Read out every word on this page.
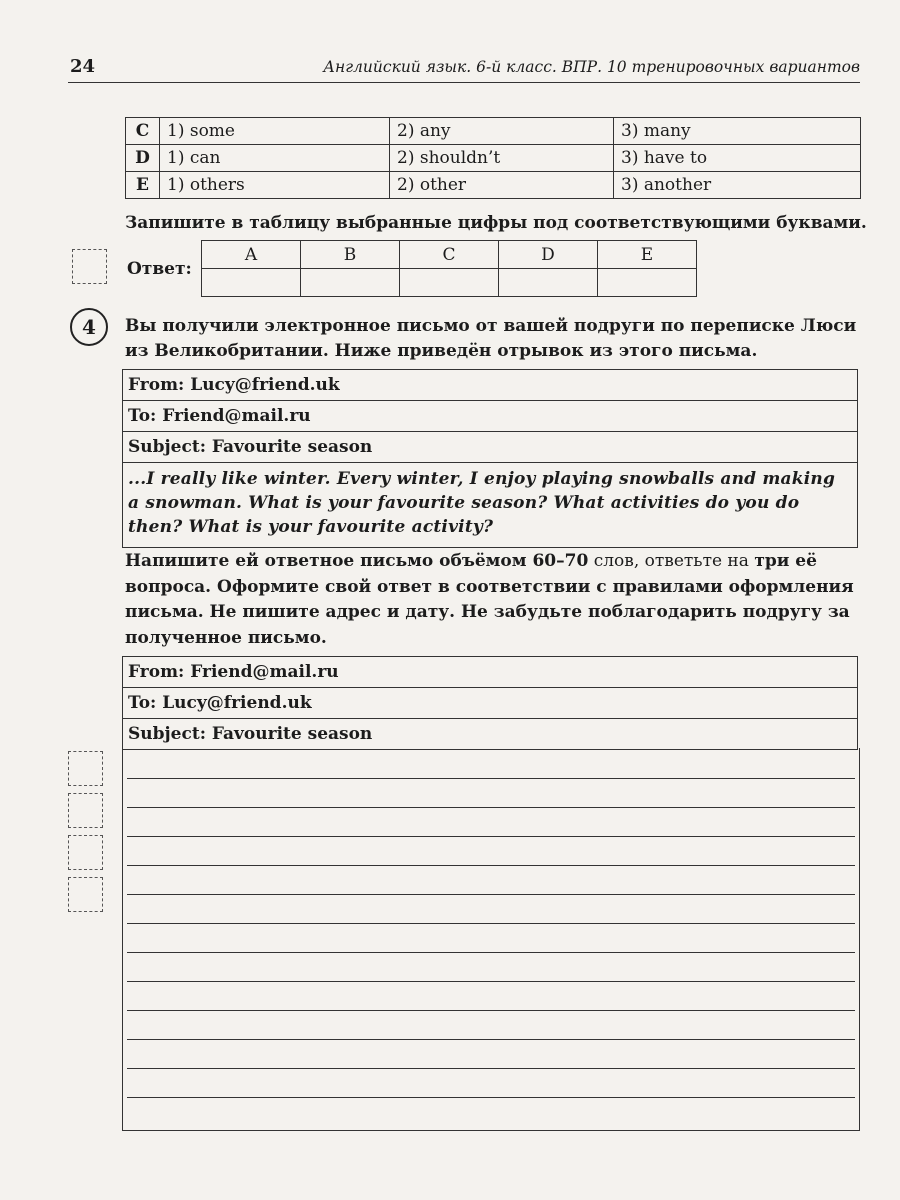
24	Английский язык. 6-й класс. ВПР. 10 тренировочных вариантов
C	1) some	2) any	3) many
D	1) can	2) shouldn’t	3) have to
E	1) others	2) other	3) another
Запишите в таблицу выбранные цифры под соответствующими буквами.
Ответ:
A	B	C	D	E

4	Вы получили электронное письмо от вашей подруги по переписке Люси из Великобритании. Ниже приведён отрывок из этого письма.
From: Lucy@friend.uk
To: Friend@mail.ru
Subject: Favourite season
...I really like winter. Every winter, I enjoy playing snowballs and making a snowman. What is your favourite season? What activities do you do then? What is your favourite activity?
Напишите ей ответное письмо объёмом 60–70 слов, ответьте на три её вопроса. Оформите свой ответ в соответствии с правилами оформления письма. Не пишите адрес и дату. Не забудьте поблагодарить подругу за полученное письмо.
From: Friend@mail.ru
To: Lucy@friend.uk
Subject: Favourite season
